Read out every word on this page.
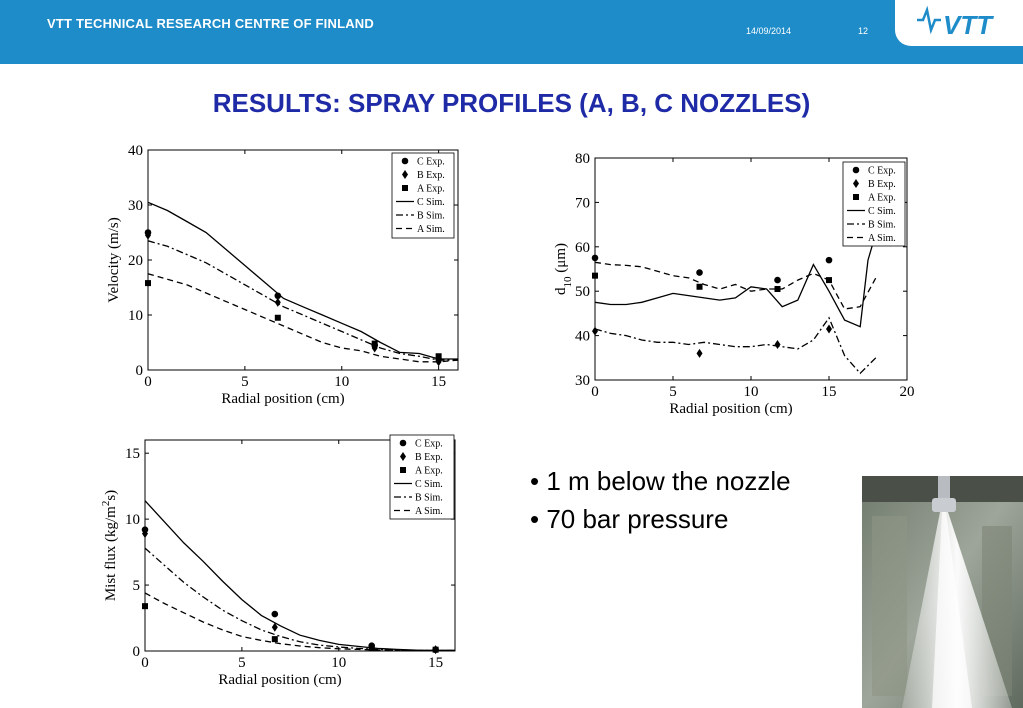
VTT TECHNICAL RESEARCH CENTRE OF FINLAND	14/09/2014	12	VTT
RESULTS: SPRAY PROFILES (A, B, C NOZZLES)
0	5	10	15
0
10
20
30
40
Radial position (cm)
Velocity (m/s)
C Exp.
B Exp.
A Exp.
C Sim.
B Sim.
A Sim.
0	5	10	15	20
30
40
50
60
70
80
Radial position (cm)
$d_{10}$ (μm)
C Exp.
B Exp.
A Exp.
C Sim.
B Sim.
A Sim.
0	5	10	15
0
5
10
15
Radial position (cm)
Mist flux $(kg/m^2s)$
C Exp.
B Exp.
A Exp.
C Sim.
B Sim.
A Sim.
• 1 m below the nozzle
• 70 bar pressure
